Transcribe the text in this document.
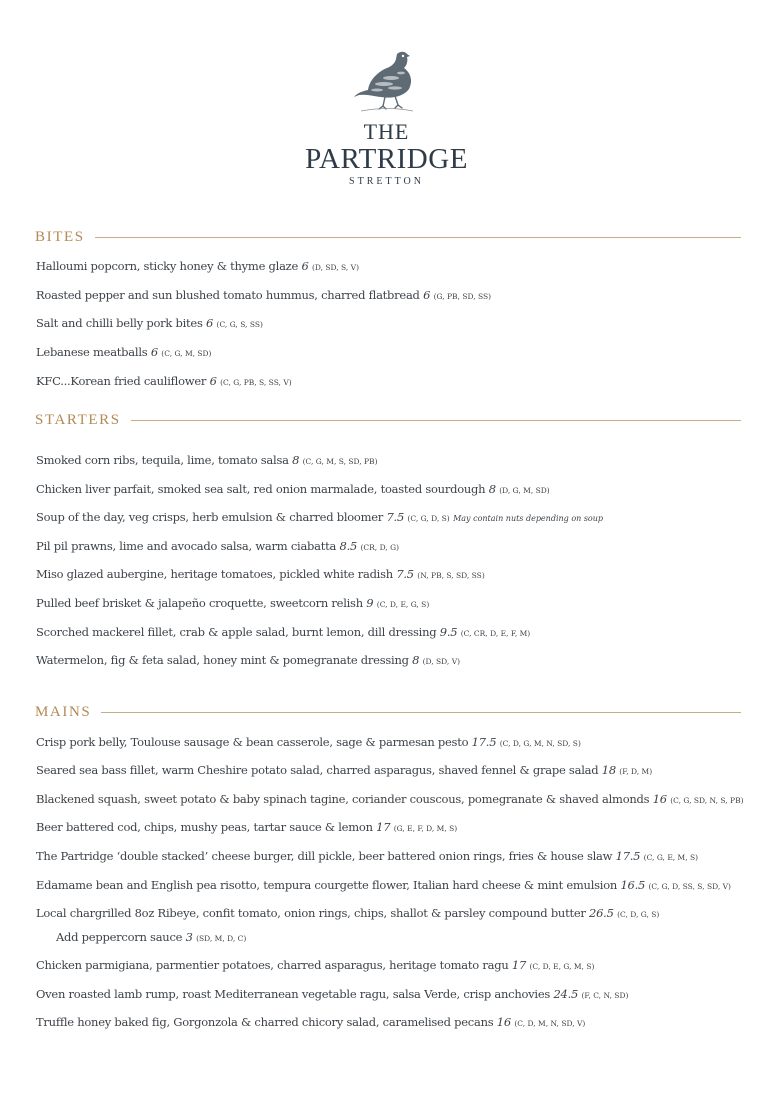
THE
PARTRIDGE
STRETTON
BITES
Halloumi popcorn, sticky honey & thyme glaze 6 (D, SD, S, V)
Roasted pepper and sun blushed tomato hummus, charred flatbread 6 (G, PB, SD, SS)
Salt and chilli belly pork bites 6 (C, G, S, SS)
Lebanese meatballs 6 (C, G, M, SD)
KFC...Korean fried cauliflower 6 (C, G, PB, S, SS, V)
STARTERS
Smoked corn ribs, tequila, lime, tomato salsa 8 (C, G, M, S, SD, PB)
Chicken liver parfait, smoked sea salt, red onion marmalade, toasted sourdough 8 (D, G, M, SD)
Soup of the day, veg crisps, herb emulsion & charred bloomer 7.5 (C, G, D, S) May contain nuts depending on soup
Pil pil prawns, lime and avocado salsa, warm ciabatta 8.5 (CR, D, G)
Miso glazed aubergine, heritage tomatoes, pickled white radish 7.5 (N, PB, S, SD, SS)
Pulled beef brisket & jalapeño croquette, sweetcorn relish 9 (C, D, E, G, S)
Scorched mackerel fillet, crab & apple salad, burnt lemon, dill dressing 9.5 (C, CR, D, E, F, M)
Watermelon, fig & feta salad, honey mint & pomegranate dressing 8 (D, SD, V)
MAINS
Crisp pork belly, Toulouse sausage & bean casserole, sage & parmesan pesto 17.5 (C, D, G, M, N, SD, S)
Seared sea bass fillet, warm Cheshire potato salad, charred asparagus, shaved fennel & grape salad 18 (F, D, M)
Blackened squash, sweet potato & baby spinach tagine, coriander couscous, pomegranate & shaved almonds 16 (C, G, SD, N, S, PB)
Beer battered cod, chips, mushy peas, tartar sauce & lemon 17 (G, E, F, D, M, S)
The Partridge ‘double stacked’ cheese burger, dill pickle, beer battered onion rings, fries & house slaw 17.5 (C, G, E, M, S)
Edamame bean and English pea risotto, tempura courgette flower, Italian hard cheese & mint emulsion 16.5 (C, G, D, SS, S, SD, V)
Local chargrilled 8oz Ribeye, confit tomato, onion rings, chips, shallot & parsley compound butter 26.5 (C, D, G, S)
Add peppercorn sauce 3 (SD, M, D, C)
Chicken parmigiana, parmentier potatoes, charred asparagus, heritage tomato ragu 17 (C, D, E, G, M, S)
Oven roasted lamb rump, roast Mediterranean vegetable ragu, salsa Verde, crisp anchovies 24.5 (F, C, N, SD)
Truffle honey baked fig, Gorgonzola & charred chicory salad, caramelised pecans 16 (C, D, M, N, SD, V)
